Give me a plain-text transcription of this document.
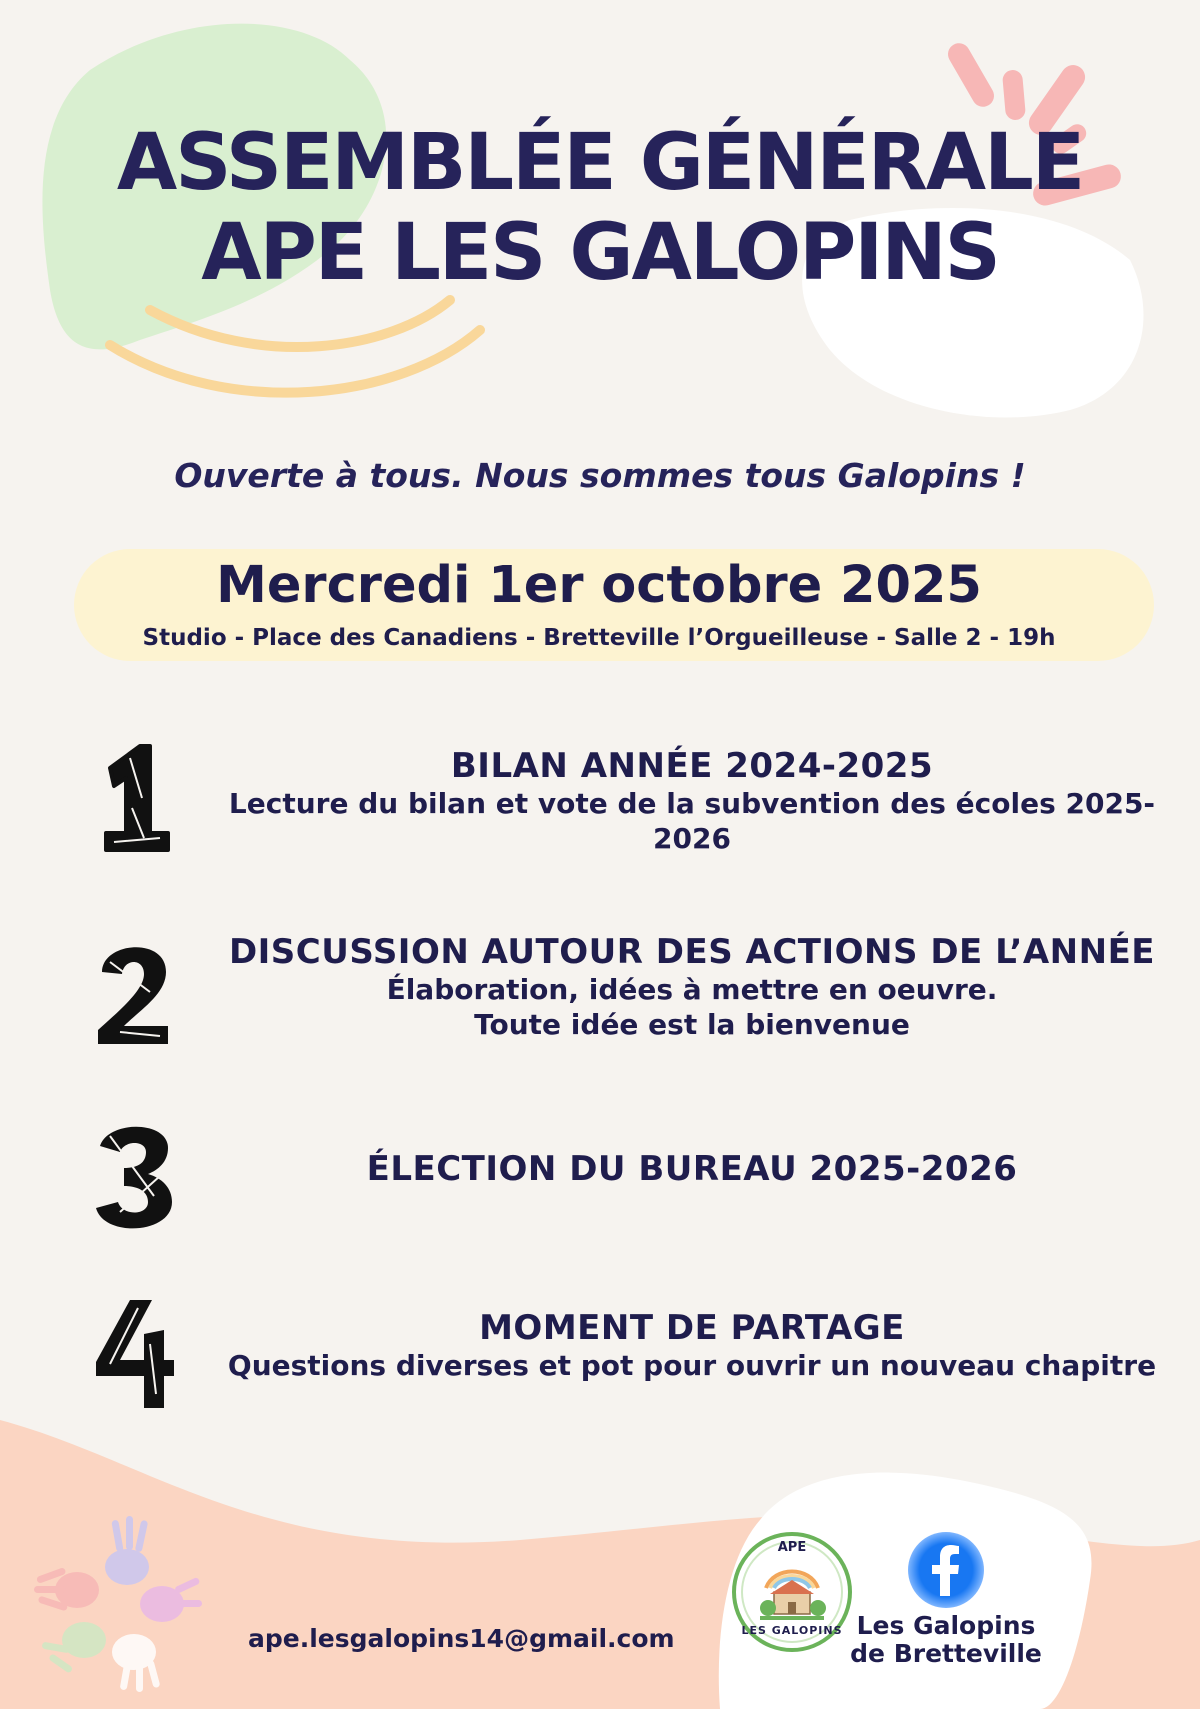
ASSEMBLÉE GÉNÉRALE
APE LES GALOPINS
Ouverte à tous. Nous sommes tous Galopins !
Mercredi 1er octobre 2025
Studio - Place des Canadiens - Bretteville l’Orgueilleuse - Salle 2 - 19h
BILAN ANNÉE 2024-2025
Lecture du bilan et vote de la subvention des écoles 2025-
2026
DISCUSSION AUTOUR DES ACTIONS DE L’ANNÉE
Élaboration, idées à mettre en oeuvre.
Toute idée est la bienvenue
ÉLECTION DU BUREAU 2025-2026
MOMENT DE PARTAGE
Questions diverses et pot pour ouvrir un nouveau chapitre
ape.lesgalopins14@gmail.com
APE
LES GALOPINS Les Galopins
de Bretteville
